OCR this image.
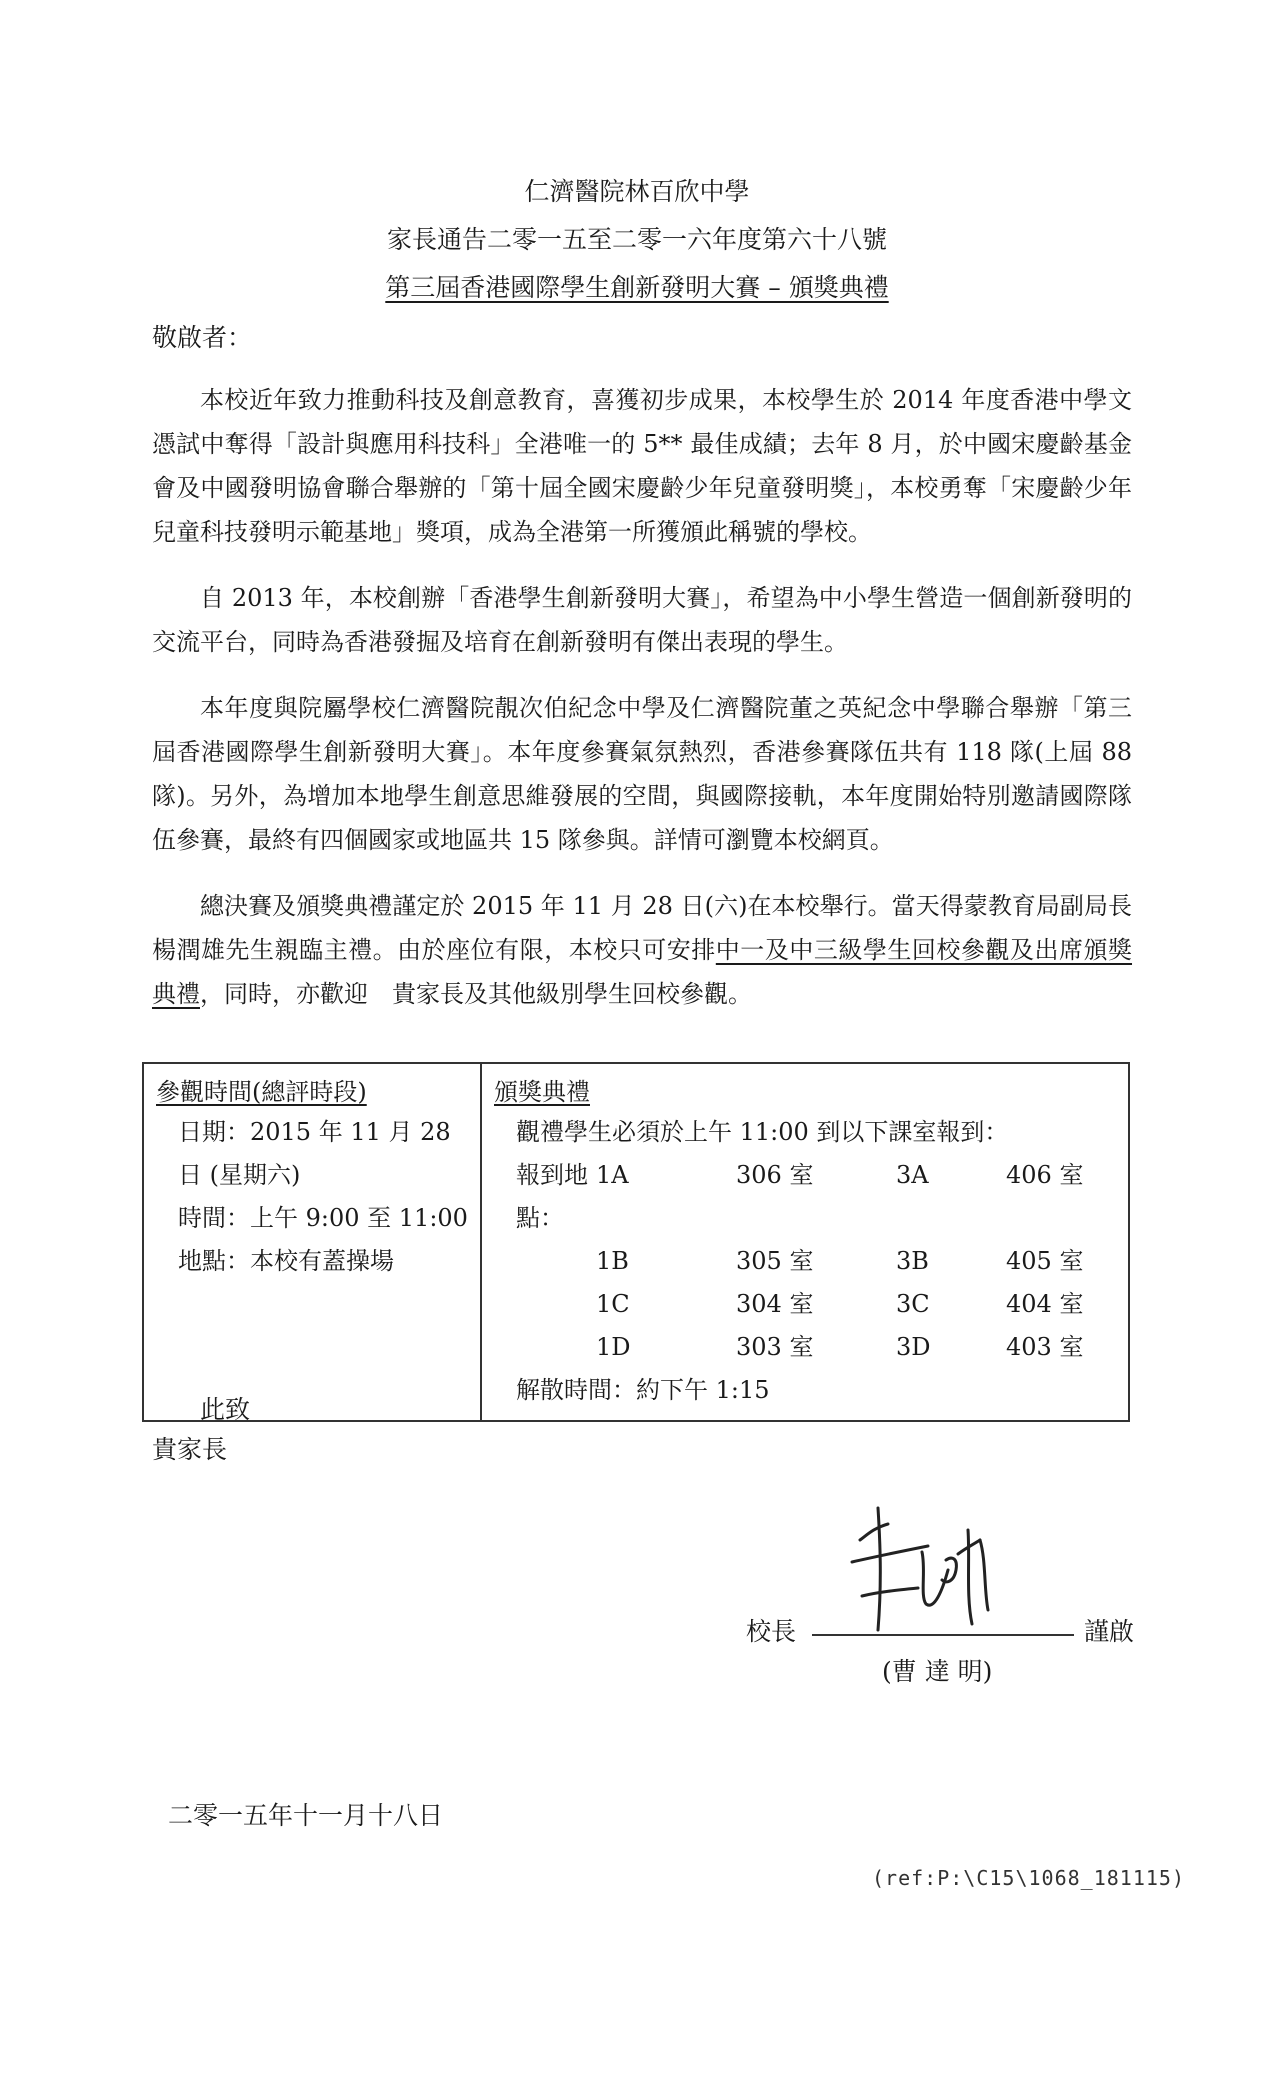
仁濟醫院林百欣中學
家長通告二零一五至二零一六年度第六十八號
第三屆香港國際學生創新發明大賽 – 頒獎典禮
敬啟者：

本校近年致力推動科技及創意教育，喜獲初步成果，本校學生於 2014 年度香港中學文憑試中奪得「設計與應用科技科」全港唯一的 5** 最佳成績；去年 8 月，於中國宋慶齡基金會及中國發明協會聯合舉辦的「第十屆全國宋慶齡少年兒童發明獎」，本校勇奪「宋慶齡少年兒童科技發明示範基地」獎項，成為全港第一所獲頒此稱號的學校。

自 2013 年，本校創辦「香港學生創新發明大賽」，希望為中小學生營造一個創新發明的交流平台，同時為香港發掘及培育在創新發明有傑出表現的學生。

本年度與院屬學校仁濟醫院靚次伯紀念中學及仁濟醫院董之英紀念中學聯合舉辦「第三屆香港國際學生創新發明大賽」。本年度參賽氣氛熱烈，香港參賽隊伍共有 118 隊(上屆 88 隊)。另外，為增加本地學生創意思維發展的空間，與國際接軌，本年度開始特別邀請國際隊伍參賽，最終有四個國家或地區共 15 隊參與。詳情可瀏覽本校網頁。

總決賽及頒獎典禮謹定於 2015 年 11 月 28 日(六)在本校舉行。當天得蒙教育局副局長楊潤雄先生親臨主禮。由於座位有限，本校只可安排中一及中三級學生回校參觀及出席頒獎典禮，同時，亦歡迎　貴家長及其他級別學生回校參觀。

參觀時間(總評時段)
日期：2015 年 11 月 28 日 (星期六)
時間：上午 9:00 至 11:00
地點：本校有蓋操場

頒獎典禮
觀禮學生必須於上午 11:00 到以下課室報到：
報到地點：
1A	306 室	3A	406 室
1B	305 室	3B	405 室
1C	304 室	3C	404 室
1D	303 室	3D	403 室
解散時間：約下午 1:15
此致
貴家長
校長	謹啟
(曹 達 明)
二零一五年十一月十八日
(ref:P:\C15\1068_181115)
